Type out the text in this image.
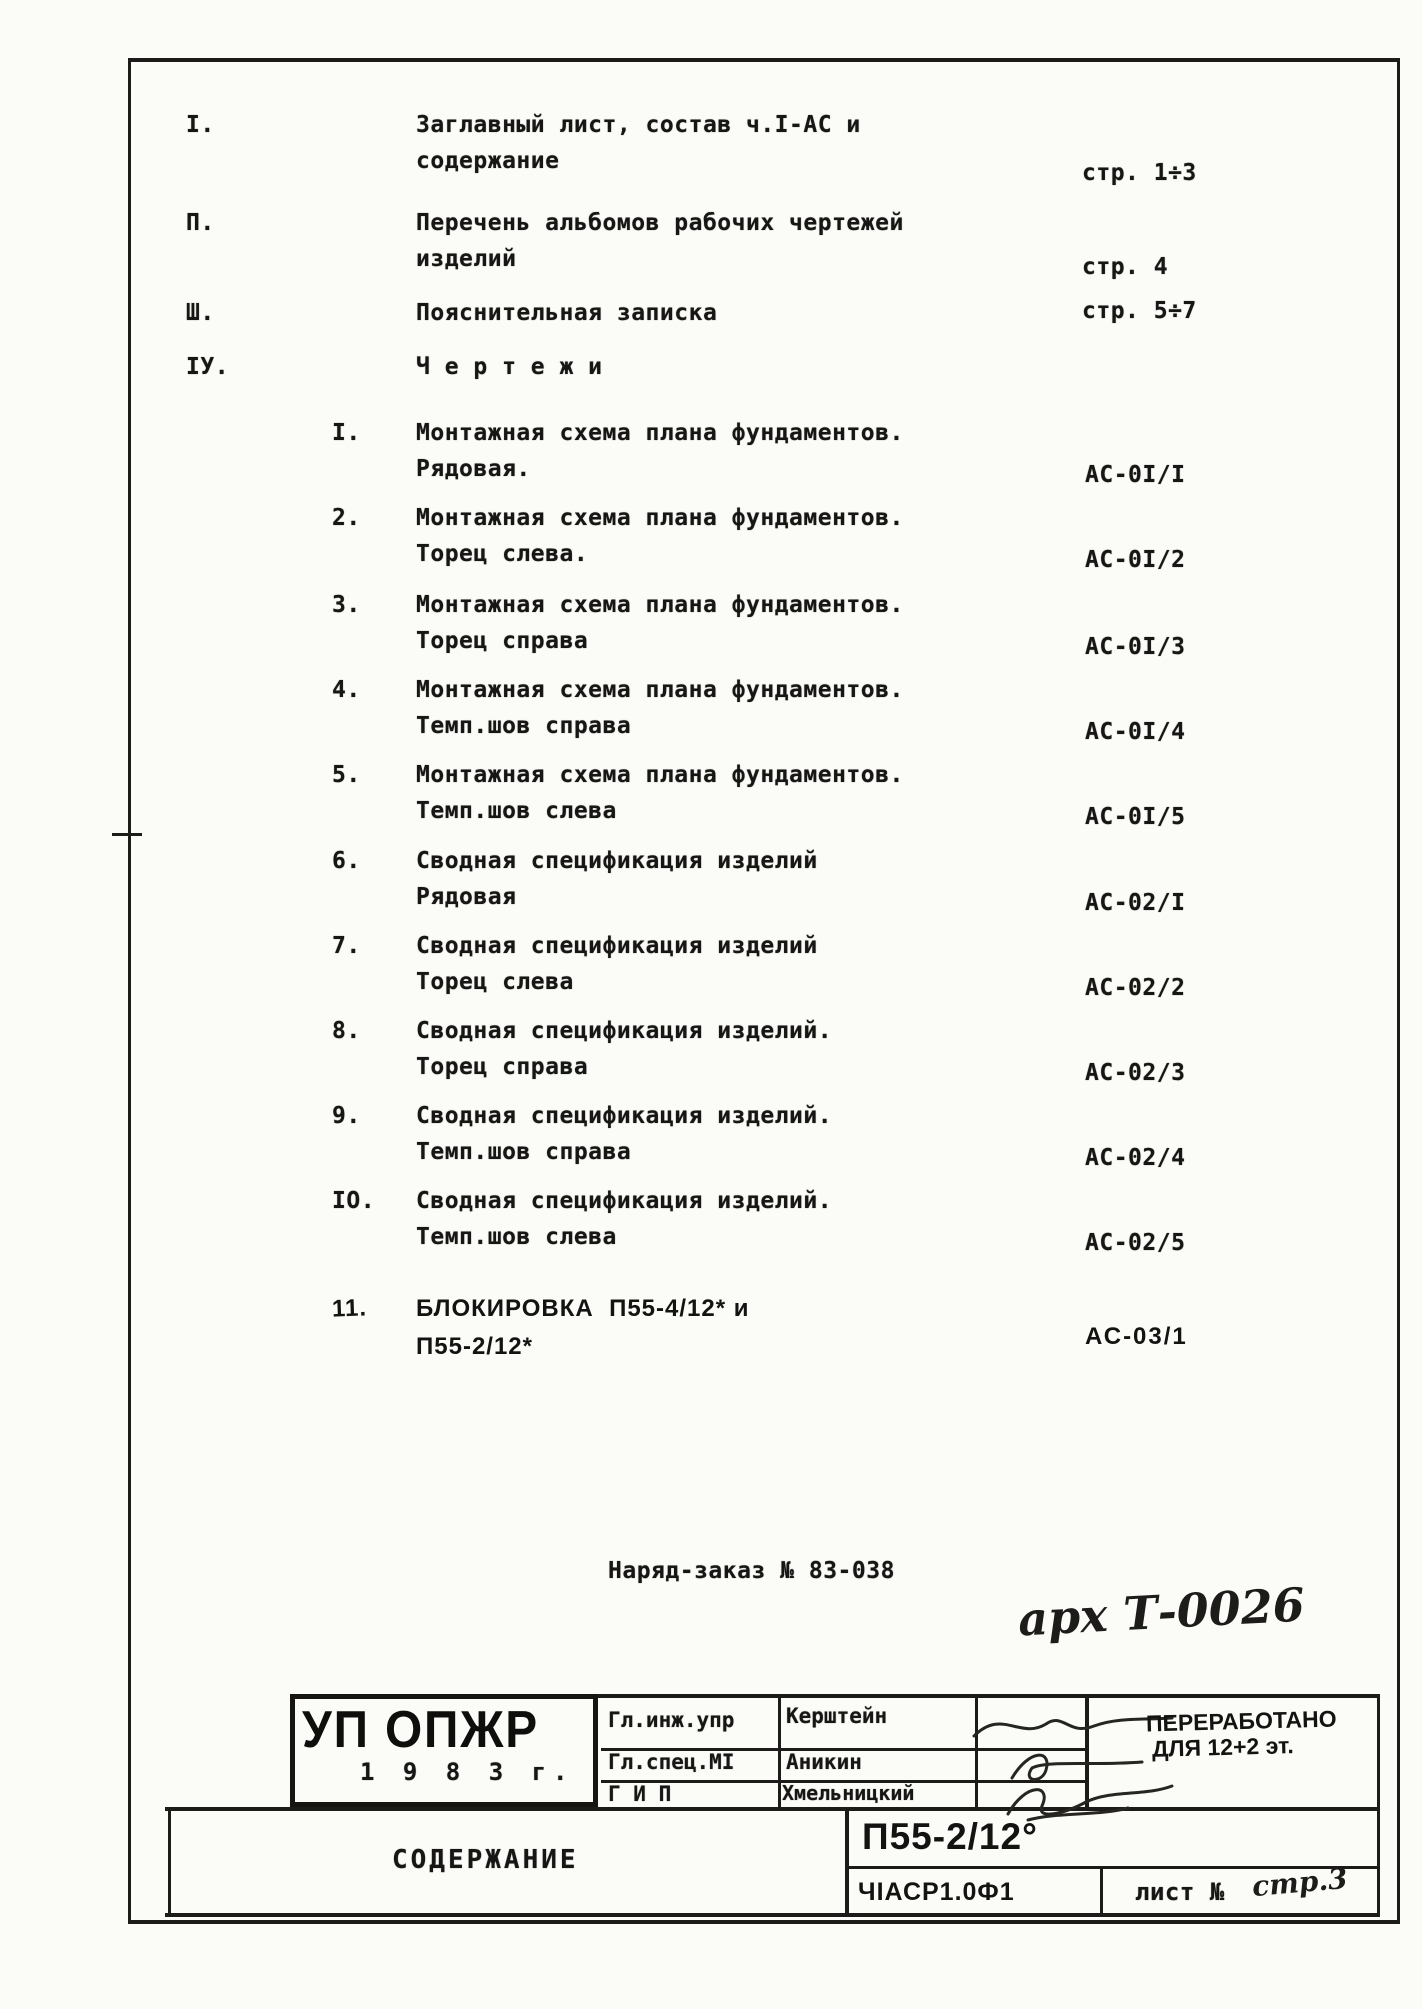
I.	Заглавный лист, состав ч.I-АС и
содержание	стр. 1÷3
П.	Перечень альбомов рабочих чертежей
изделий	стр. 4
Ш.	Пояснительная записка	стр. 5÷7
IУ.	Ч е р т е ж и
I. Монтажная схема плана фундаментов.
Рядовая.	АС-0I/I
2. Монтажная схема плана фундаментов.
Торец слева.	АС-0I/2
3. Монтажная схема плана фундаментов.
Торец справа	АС-0I/3
4. Монтажная схема плана фундаментов.
Темп.шов справа	АС-0I/4
5. Монтажная схема плана фундаментов.
Темп.шов слева	АС-0I/5
6. Сводная спецификация изделий
Рядовая	АС-02/I
7. Сводная спецификация изделий
Торец слева	АС-02/2
8. Сводная спецификация изделий.
Торец справа	АС-02/3
9. Сводная спецификация изделий.
Темп.шов справа	АС-02/4
IO. Сводная спецификация изделий.
Темп.шов слева	АС-02/5
11. БЛОКИРОВКА  П55-4/12* и
П55-2/12*	АС-03/1
Наряд-заказ № 83-038
арх Т-0026
УП ОПЖР
1 9 8 3 г.
Гл.инж.упр
Гл.спец.МI
Г И П
Керштейн
Аникин
Хмельницкий
ПЕРЕРАБОТАНО
ДЛЯ 12+2 эт.
СОДЕРЖАНИЕ
П55-2/12°
ЧIАСР1.0Ф1	лист № стр.3
